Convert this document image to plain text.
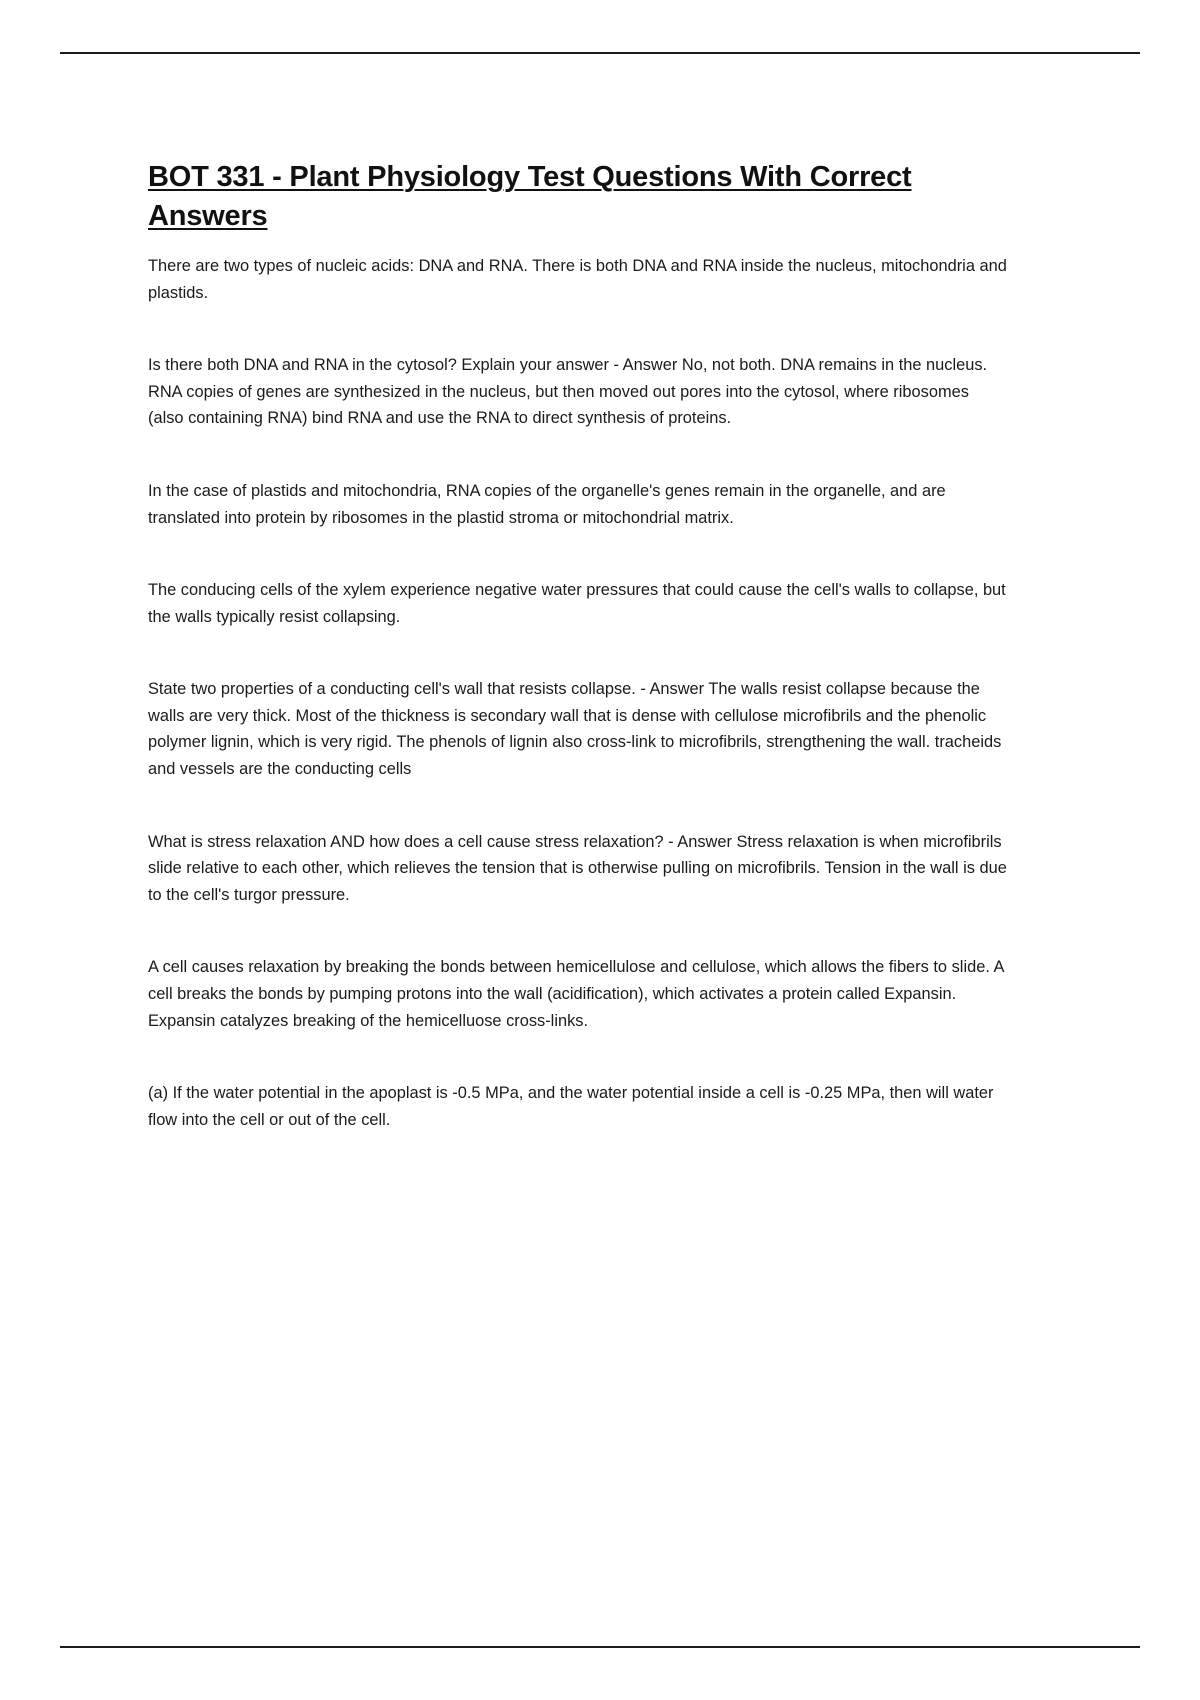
BOT 331 - Plant Physiology Test Questions With Correct
Answers

There are two types of nucleic acids: DNA and RNA. There is both DNA and RNA inside the nucleus, mitochondria and plastids.

Is there both DNA and RNA in the cytosol? Explain your answer - Answer No, not both. DNA remains in the nucleus. RNA copies of genes are synthesized in the nucleus, but then moved out pores into the cytosol, where ribosomes (also containing RNA) bind RNA and use the RNA to direct synthesis of proteins.

In the case of plastids and mitochondria, RNA copies of the organelle's genes remain in the organelle, and are translated into protein by ribosomes in the plastid stroma or mitochondrial matrix.

The conducing cells of the xylem experience negative water pressures that could cause the cell's walls to collapse, but the walls typically resist collapsing.

State two properties of a conducting cell's wall that resists collapse. - Answer The walls resist collapse because the walls are very thick. Most of the thickness is secondary wall that is dense with cellulose microfibrils and the phenolic polymer lignin, which is very rigid. The phenols of lignin also cross-link to microfibrils, strengthening the wall. tracheids and vessels are the conducting cells

What is stress relaxation AND how does a cell cause stress relaxation? - Answer Stress relaxation is when microfibrils slide relative to each other, which relieves the tension that is otherwise pulling on microfibrils. Tension in the wall is due to the cell's turgor pressure.

A cell causes relaxation by breaking the bonds between hemicellulose and cellulose, which allows the fibers to slide. A cell breaks the bonds by pumping protons into the wall (acidification), which activates a protein called Expansin. Expansin catalyzes breaking of the hemicelluose cross-links.

(a) If the water potential in the apoplast is -0.5 MPa, and the water potential inside a cell is -0.25 MPa, then will water flow into the cell or out of the cell.
